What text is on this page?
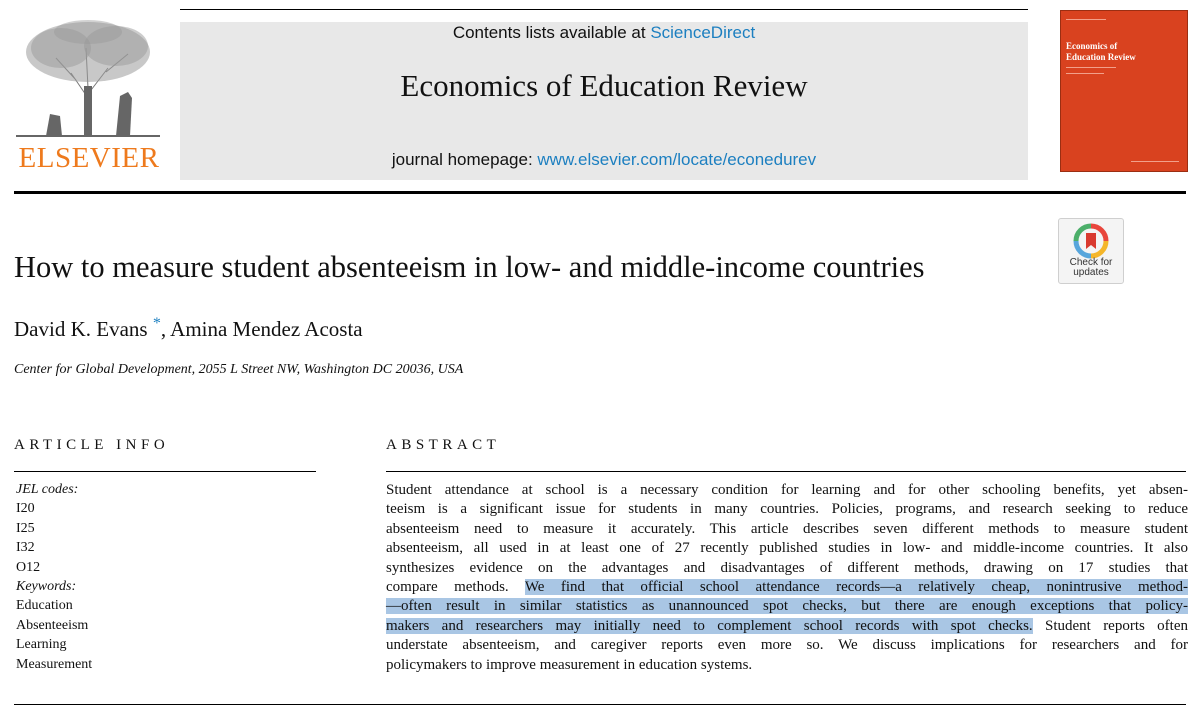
ELSEVIER
Contents lists available at ScienceDirect
Economics of Education Review
journal homepage: www.elsevier.com/locate/econedurev
Economics of
Education Review
Check for
updates
How to measure student absenteeism in low- and middle-income countries
David K. Evans *, Amina Mendez Acosta
Center for Global Development, 2055 L Street NW, Washington DC 20036, USA
ARTICLE INFO
JEL codes:
I20
I25
I32
O12
Keywords:
Education
Absenteeism
Learning
Measurement
ABSTRACT
Student attendance at school is a necessary condition for learning and for other schooling benefits, yet absen-
teeism is a significant issue for students in many countries. Policies, programs, and research seeking to reduce
absenteeism need to measure it accurately. This article describes seven different methods to measure student
absenteeism, all used in at least one of 27 recently published studies in low- and middle-income countries. It also
synthesizes evidence on the advantages and disadvantages of different methods, drawing on 17 studies that
compare methods. We find that official school attendance records—a relatively cheap, nonintrusive method-
—often result in similar statistics as unannounced spot checks, but there are enough exceptions that policy-
makers and researchers may initially need to complement school records with spot checks. Student reports often
understate absenteeism, and caregiver reports even more so. We discuss implications for researchers and for
policymakers to improve measurement in education systems.
